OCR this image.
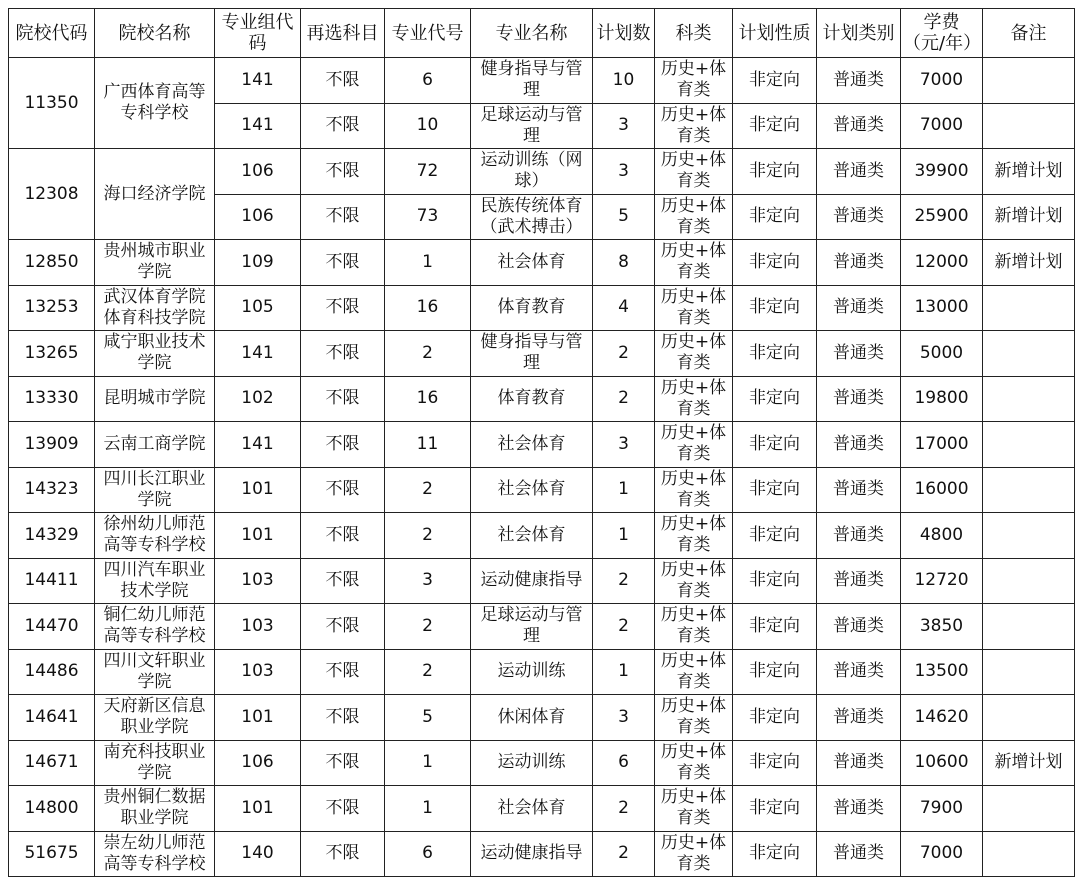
院校代码	院校名称	专业组代码	再选科目	专业代号	专业名称	计划数	科类	计划性质	计划类别	学费（元/年）	备注
11350	广西体育高等专科学校	141	不限	6	健身指导与管理	10	历史+体育类	非定向	普通类	7000	
		141	不限	10	足球运动与管理	3	历史+体育类	非定向	普通类	7000	
12308	海口经济学院	106	不限	72	运动训练（网球）	3	历史+体育类	非定向	普通类	39900	新增计划
		106	不限	73	民族传统体育（武术搏击）	5	历史+体育类	非定向	普通类	25900	新增计划
12850	贵州城市职业学院	109	不限	1	社会体育	8	历史+体育类	非定向	普通类	12000	新增计划
13253	武汉体育学院体育科技学院	105	不限	16	体育教育	4	历史+体育类	非定向	普通类	13000	
13265	咸宁职业技术学院	141	不限	2	健身指导与管理	2	历史+体育类	非定向	普通类	5000	
13330	昆明城市学院	102	不限	16	体育教育	2	历史+体育类	非定向	普通类	19800	
13909	云南工商学院	141	不限	11	社会体育	3	历史+体育类	非定向	普通类	17000	
14323	四川长江职业学院	101	不限	2	社会体育	1	历史+体育类	非定向	普通类	16000	
14329	徐州幼儿师范高等专科学校	101	不限	2	社会体育	1	历史+体育类	非定向	普通类	4800	
14411	四川汽车职业技术学院	103	不限	3	运动健康指导	2	历史+体育类	非定向	普通类	12720	
14470	铜仁幼儿师范高等专科学校	103	不限	2	足球运动与管理	2	历史+体育类	非定向	普通类	3850	
14486	四川文轩职业学院	103	不限	2	运动训练	1	历史+体育类	非定向	普通类	13500	
14641	天府新区信息职业学院	101	不限	5	休闲体育	3	历史+体育类	非定向	普通类	14620	
14671	南充科技职业学院	106	不限	1	运动训练	6	历史+体育类	非定向	普通类	10600	新增计划
14800	贵州铜仁数据职业学院	101	不限	1	社会体育	2	历史+体育类	非定向	普通类	7900	
51675	崇左幼儿师范高等专科学校	140	不限	6	运动健康指导	2	历史+体育类	非定向	普通类	7000	
